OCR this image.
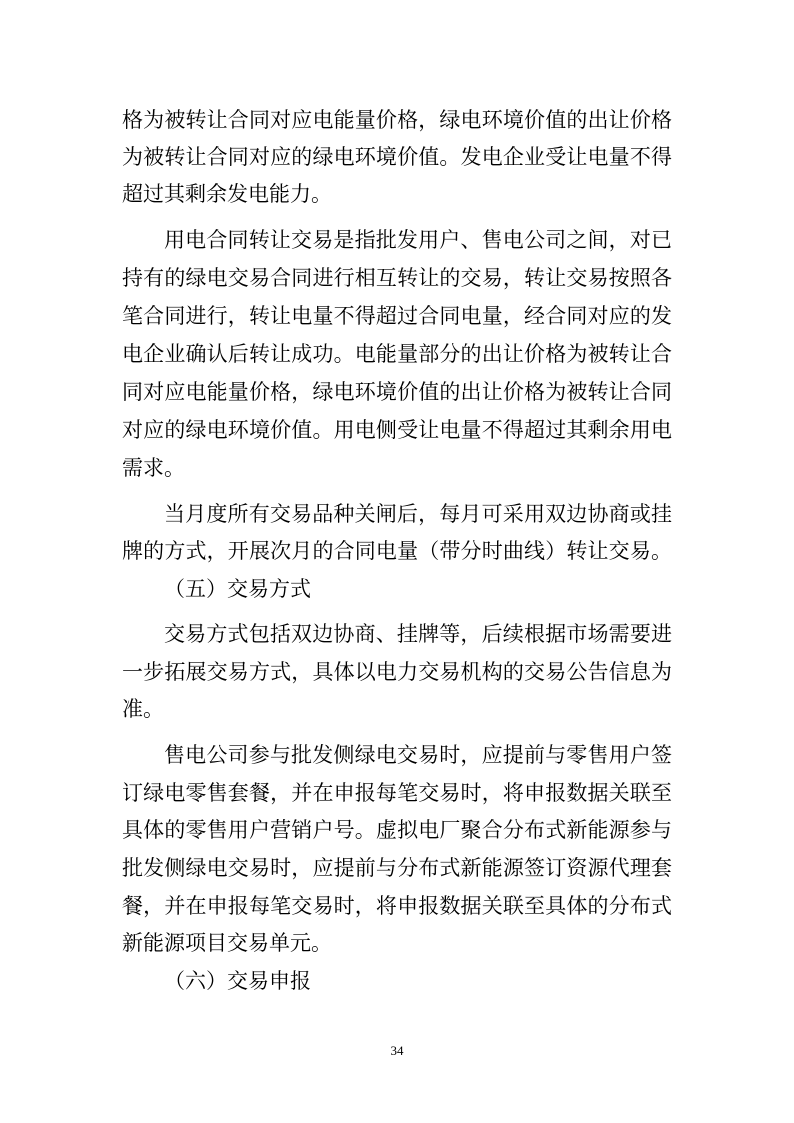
格为被转让合同对应电能量价格，绿电环境价值的出让价格
为被转让合同对应的绿电环境价值。发电企业受让电量不得
超过其剩余发电能力。
用电合同转让交易是指批发用户、售电公司之间，对已
持有的绿电交易合同进行相互转让的交易，转让交易按照各
笔合同进行，转让电量不得超过合同电量，经合同对应的发
电企业确认后转让成功。电能量部分的出让价格为被转让合
同对应电能量价格，绿电环境价值的出让价格为被转让合同
对应的绿电环境价值。用电侧受让电量不得超过其剩余用电
需求。
当月度所有交易品种关闸后，每月可采用双边协商或挂
牌的方式，开展次月的合同电量（带分时曲线）转让交易。
（五）交易方式
交易方式包括双边协商、挂牌等，后续根据市场需要进
一步拓展交易方式，具体以电力交易机构的交易公告信息为
准。
售电公司参与批发侧绿电交易时，应提前与零售用户签
订绿电零售套餐，并在申报每笔交易时，将申报数据关联至
具体的零售用户营销户号。虚拟电厂聚合分布式新能源参与
批发侧绿电交易时，应提前与分布式新能源签订资源代理套
餐，并在申报每笔交易时，将申报数据关联至具体的分布式
新能源项目交易单元。
（六）交易申报
34
